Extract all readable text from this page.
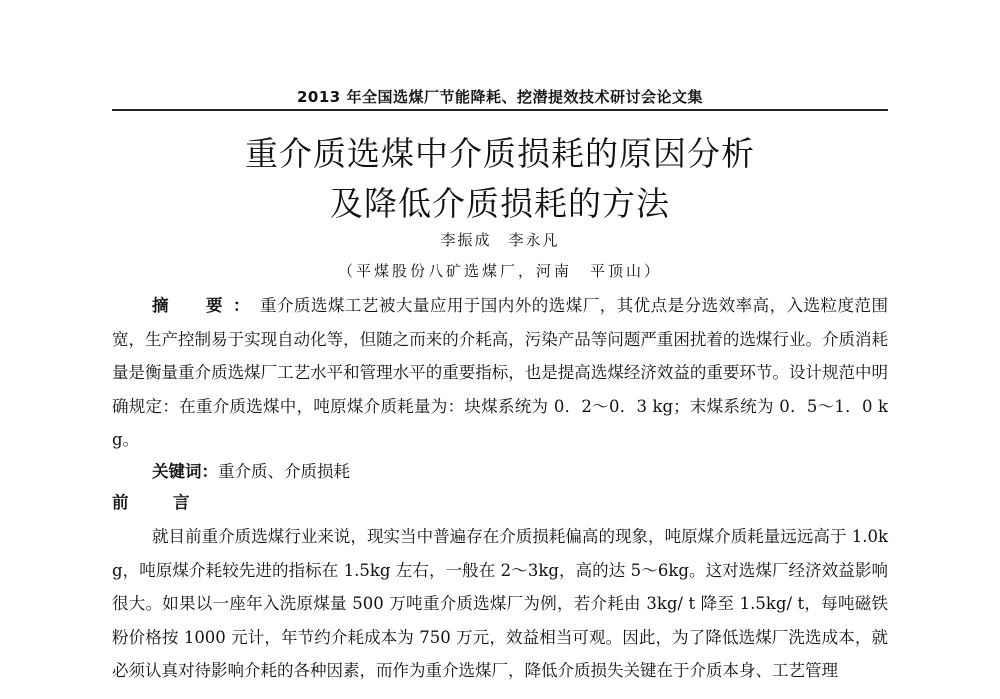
2013 年全国选煤厂节能降耗、挖潜提效技术研讨会论文集
重介质选煤中介质损耗的原因分析
及降低介质损耗的方法
李振成　李永凡
（平煤股份八矿选煤厂，河南　平顶山）
摘　要：重介质选煤工艺被大量应用于国内外的选煤厂，其优点是分选效率高，入选粒度范围宽，生产控制易于实现自动化等，但随之而来的介耗高，污染产品等问题严重困扰着的选煤行业。介质消耗量是衡量重介质选煤厂工艺水平和管理水平的重要指标，也是提高选煤经济效益的重要环节。设计规范中明确规定：在重介质选煤中，吨原煤介质耗量为：块煤系统为 0．2～0．3 kg；末煤系统为 0．5～1．0 kg。
关键词：重介质、介质损耗
前　言
就目前重介质选煤行业来说，现实当中普遍存在介质损耗偏高的现象，吨原煤介质耗量远远高于 1.0kg，吨原煤介耗较先进的指标在 1.5kg 左右，一般在 2～3kg，高的达 5～6kg。这对选煤厂经济效益影响很大。如果以一座年入洗原煤量 500 万吨重介质选煤厂为例，若介耗由 3kg/ t 降至 1.5kg/ t，每吨磁铁粉价格按 1000 元计，年节约介耗成本为 750 万元，效益相当可观。因此，为了降低选煤厂洗选成本，就必须认真对待影响介耗的各种因素，而作为重介选煤厂，降低介质损失关键在于介质本身、工艺管理
